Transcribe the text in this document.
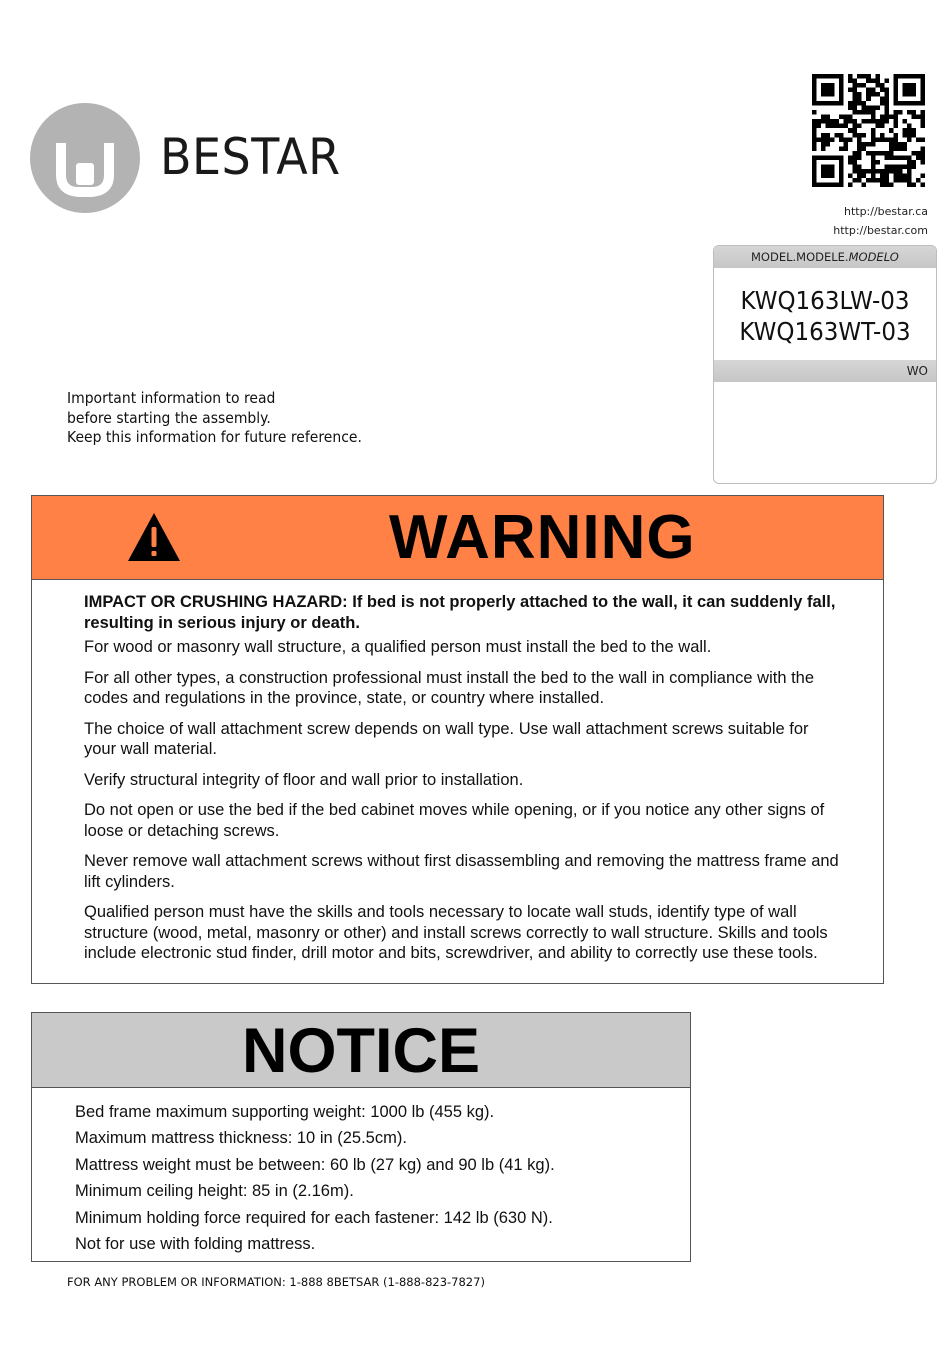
BESTAR
http://bestar.ca
http://bestar.com
MODEL.MODELE.MODELO
KWQ163LW-03
KWQ163WT-03
WO
Important information to read
before starting the assembly.
Keep this information for future reference.
WARNING

IMPACT OR CRUSHING HAZARD: If bed is not properly attached to the wall, it can suddenly fall, resulting in serious injury or death.

For wood or masonry wall structure, a qualified person must install the bed to the wall.

For all other types, a construction professional must install the bed to the wall in compliance with the codes and regulations in the province, state, or country where installed.

The choice of wall attachment screw depends on wall type. Use wall attachment screws suitable for your wall material.

Verify structural integrity of floor and wall prior to installation.

Do not open or use the bed if the bed cabinet moves while opening, or if you notice any other signs of loose or detaching screws.

Never remove wall attachment screws without first disassembling and removing the mattress frame and lift cylinders.

Qualified person must have the skills and tools necessary to locate wall studs, identify type of wall structure (wood, metal, masonry or other) and install screws correctly to wall structure. Skills and tools include electronic stud finder, drill motor and bits, screwdriver, and ability to correctly use these tools.

NOTICE
Bed frame maximum supporting weight: 1000 lb (455 kg).
Maximum mattress thickness: 10 in (25.5cm).
Mattress weight must be between: 60 lb (27 kg) and 90 lb (41 kg).
Minimum ceiling height: 85 in (2.16m).
Minimum holding force required for each fastener: 142 lb (630 N).
Not for use with folding mattress.
FOR ANY PROBLEM OR INFORMATION: 1-888 8BETSAR (1-888-823-7827)
